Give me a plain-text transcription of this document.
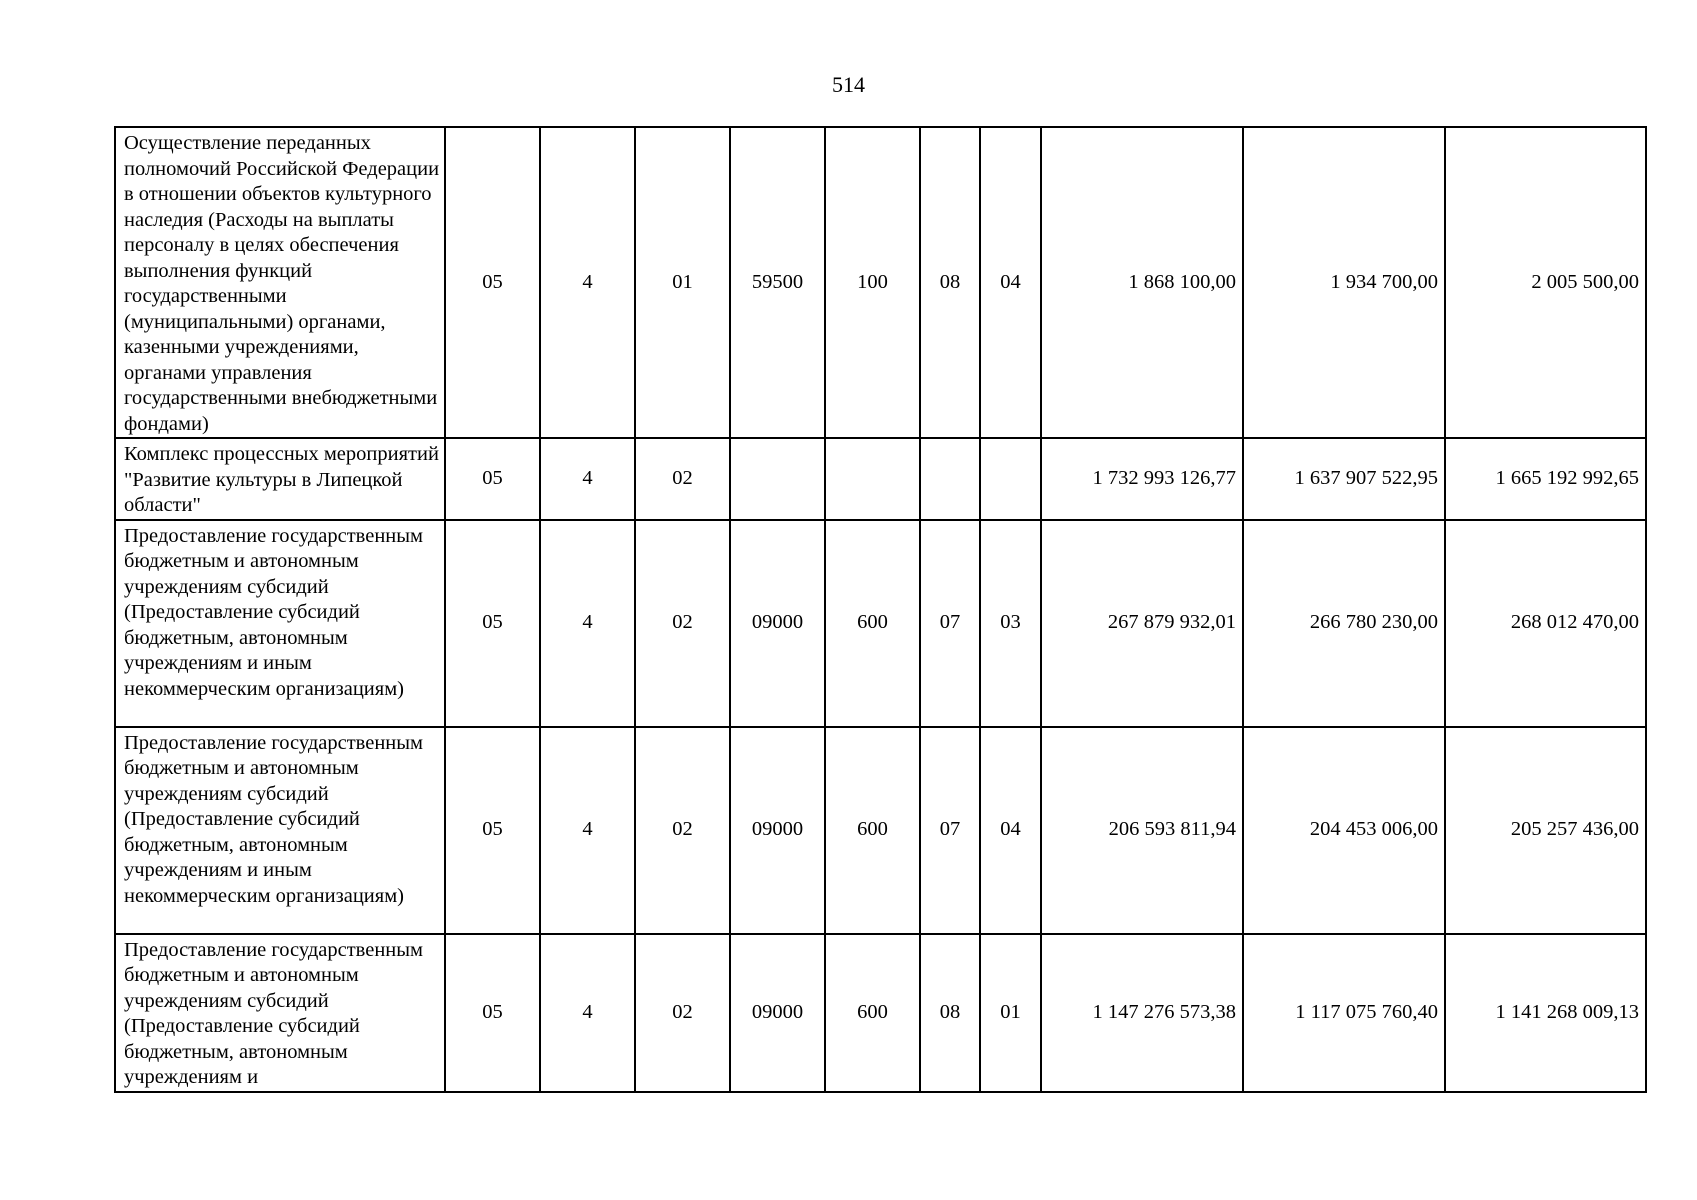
514
Осуществление переданных полномочий Российской Федерации в отношении объектов культурного наследия (Расходы на выплаты персоналу в целях обеспечения выполнения функций государственными (муниципальными) органами, казенными учреждениями, органами управления государственными внебюджетными фондами)	05	4	01	59500	100	08	04	1 868 100,00	1 934 700,00	2 005 500,00
Комплекс процессных мероприятий "Развитие культуры в Липецкой области"	05	4	02					1 732 993 126,77	1 637 907 522,95	1 665 192 992,65
Предоставление государственным бюджетным и автономным учреждениям субсидий (Предоставление субсидий бюджетным, автономным учреждениям и иным некоммерческим организациям)	05	4	02	09000	600	07	03	267 879 932,01	266 780 230,00	268 012 470,00
Предоставление государственным бюджетным и автономным учреждениям субсидий (Предоставление субсидий бюджетным, автономным учреждениям и иным некоммерческим организациям)	05	4	02	09000	600	07	04	206 593 811,94	204 453 006,00	205 257 436,00
Предоставление государственным бюджетным и автономным учреждениям субсидий (Предоставление субсидий бюджетным, автономным учреждениям и	05	4	02	09000	600	08	01	1 147 276 573,38	1 117 075 760,40	1 141 268 009,13
